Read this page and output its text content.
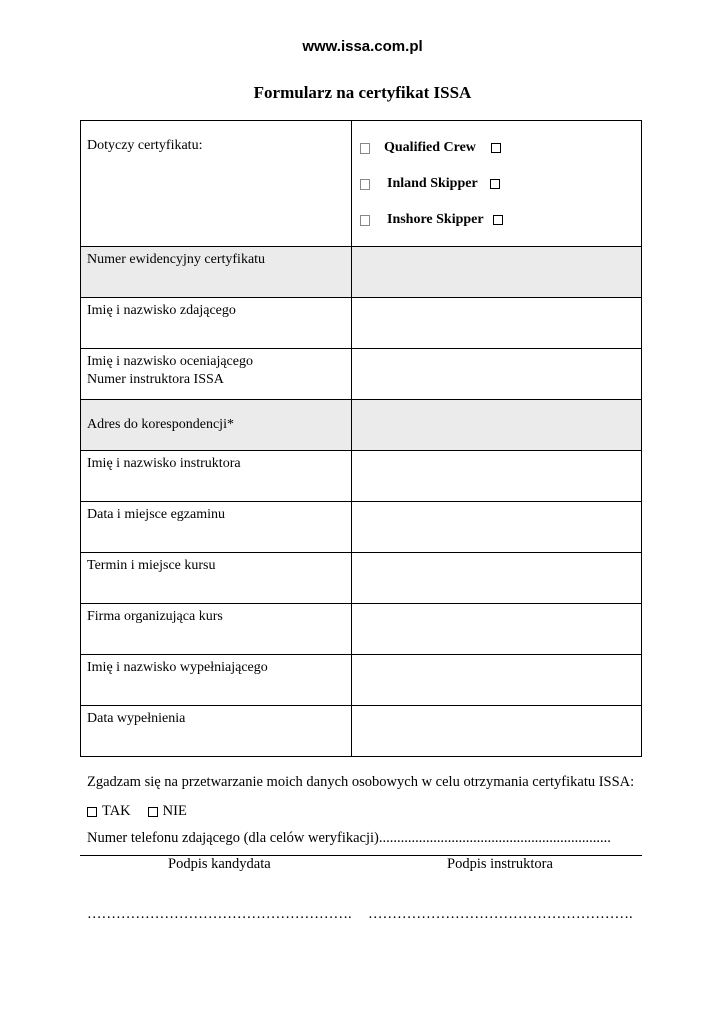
www.issa.com.pl
Formularz na certyfikat ISSA
Dotyczy certyfikatu:	Qualified Crew
Inland Skipper
Inshore Skipper

Numer ewidencyjny certyfikatu	
Imię i nazwisko zdającego	
Imię i nazwisko oceniającego
Numer instruktora ISSA	
Adres do korespondencji*	
Imię i nazwisko instruktora	
Data i miejsce egzaminu	
Termin i miejsce kursu	
Firma organizująca kurs	
Imię i nazwisko wypełniającego	
Data wypełnienia	
Zgadzam się na przetwarzanie moich danych osobowych w celu otrzymania certyfikatu ISSA:
TAK NIE
Numer telefonu zdającego (dla celów weryfikacji)................................................................
Podpis kandydata	Podpis instruktora
………………………………………………. ……………………………………………….
